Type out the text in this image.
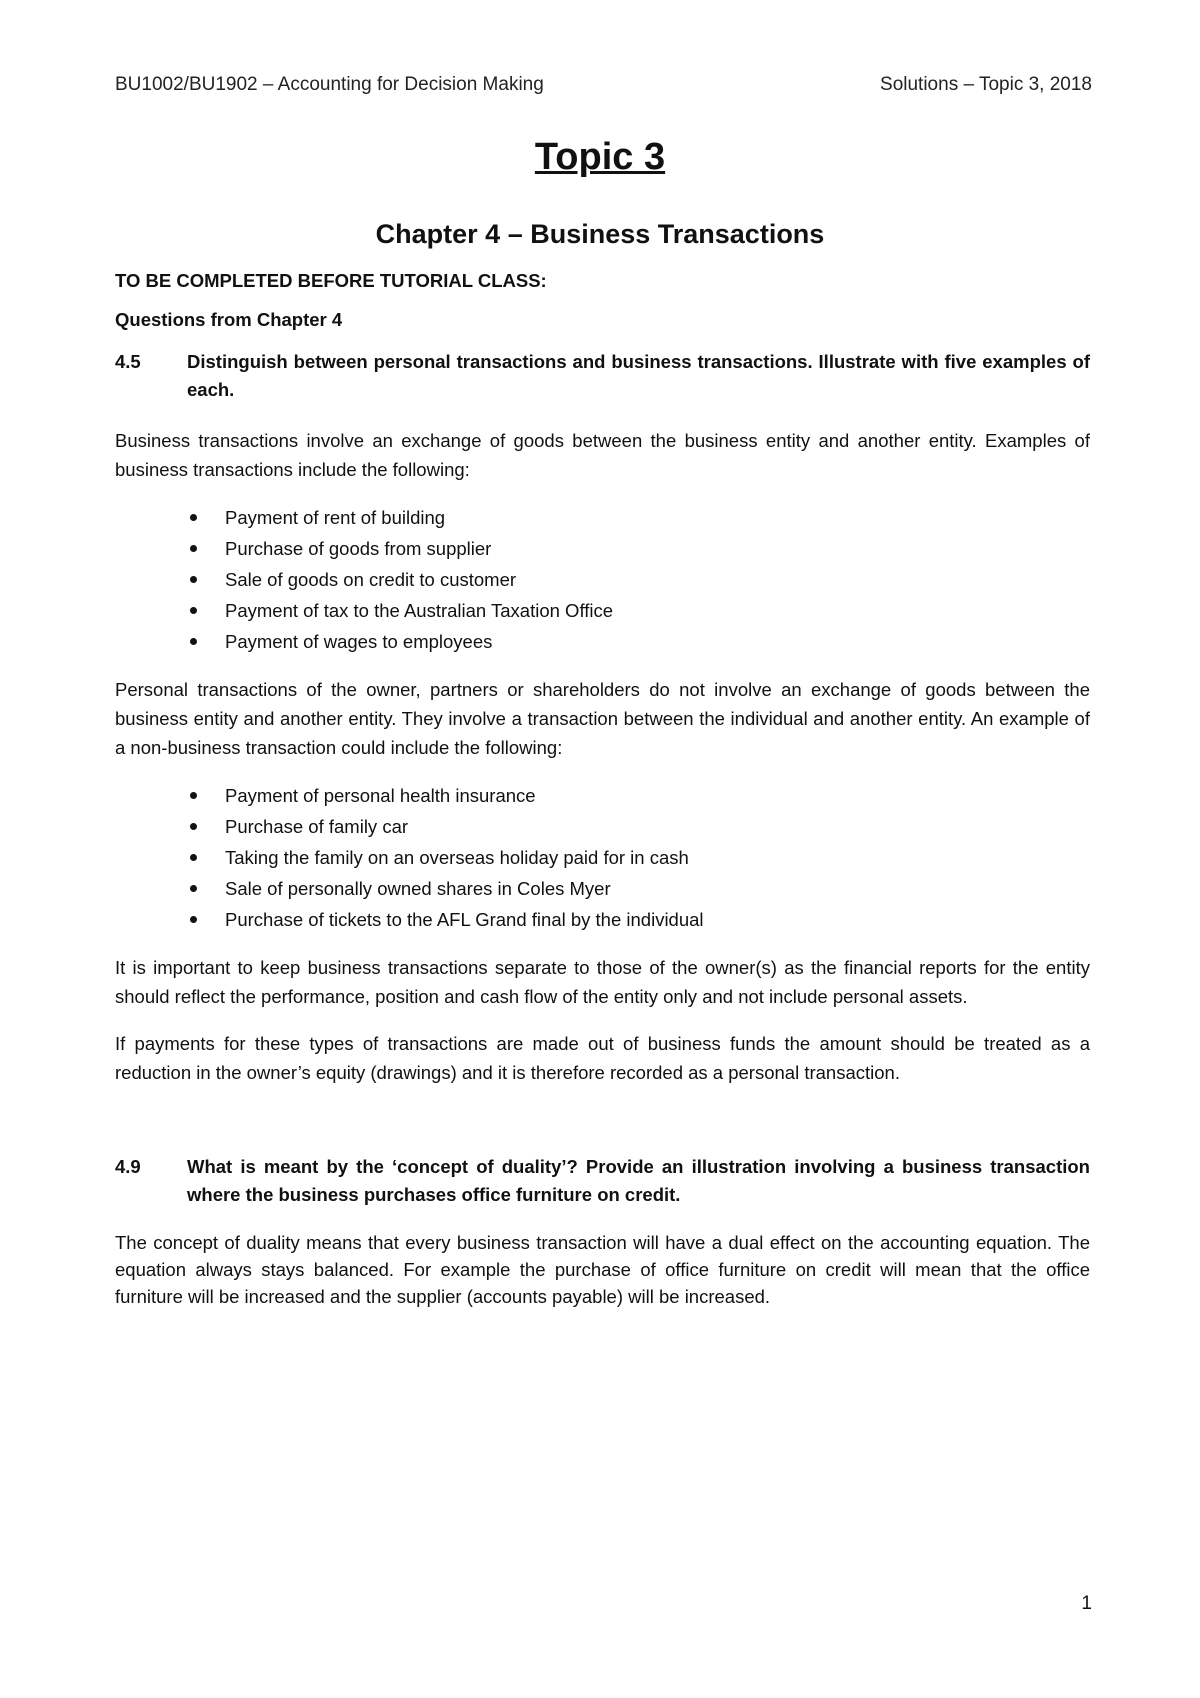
BU1002/BU1902 – Accounting for Decision Making	Solutions – Topic 3, 2018
Topic 3
Chapter 4 – Business Transactions
TO BE COMPLETED BEFORE TUTORIAL CLASS:
Questions from Chapter 4
4.5	Distinguish between personal transactions and business transactions. Illustrate with five examples of each.

Business transactions involve an exchange of goods between the business entity and another entity. Examples of business transactions include the following:

Payment of rent of building
Purchase of goods from supplier
Sale of goods on credit to customer
Payment of tax to the Australian Taxation Office
Payment of wages to employees

Personal transactions of the owner, partners or shareholders do not involve an exchange of goods between the business entity and another entity. They involve a transaction between the individual and another entity. An example of a non-business transaction could include the following:

Payment of personal health insurance
Purchase of family car
Taking the family on an overseas holiday paid for in cash
Sale of personally owned shares in Coles Myer
Purchase of tickets to the AFL Grand final by the individual

It is important to keep business transactions separate to those of the owner(s) as the financial reports for the entity should reflect the performance, position and cash flow of the entity only and not include personal assets.

If payments for these types of transactions are made out of business funds the amount should be treated as a reduction in the owner’s equity (drawings) and it is therefore recorded as a personal transaction.

4.9	What is meant by the ‘concept of duality’? Provide an illustration involving a business transaction where the business purchases office furniture on credit.

The concept of duality means that every business transaction will have a dual effect on the accounting equation. The equation always stays balanced. For example the purchase of office furniture on credit will mean that the office furniture will be increased and the supplier (accounts payable) will be increased.

1
